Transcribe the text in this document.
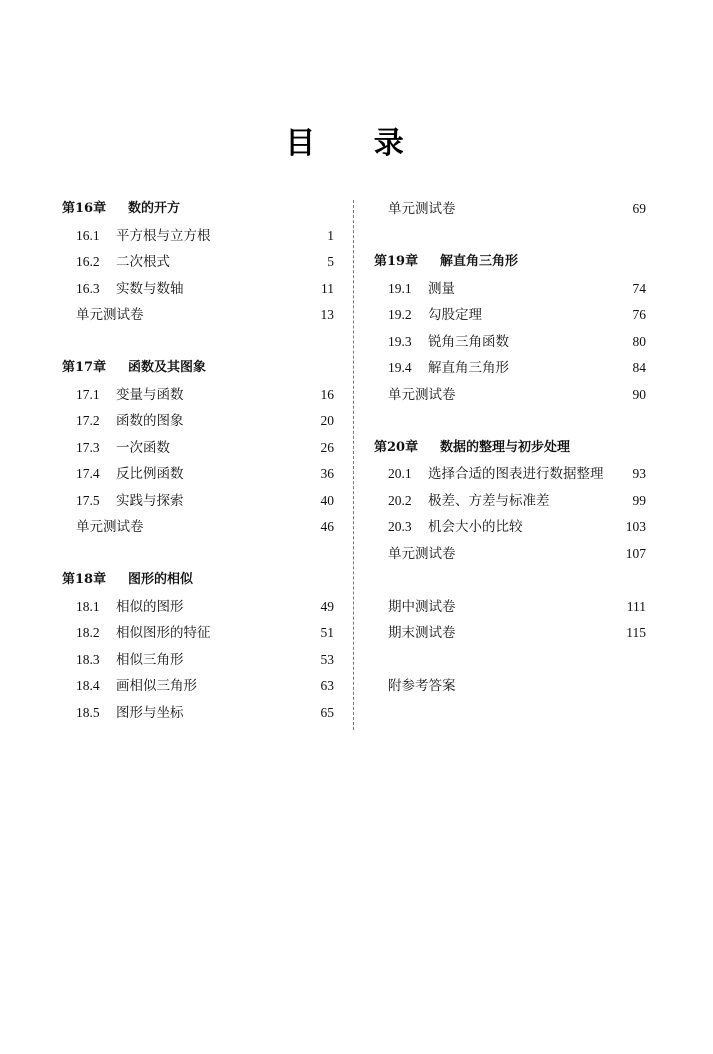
目 录
第16章 数的开方
16.1 平方根与立方根	1
16.2 二次根式	5
16.3 实数与数轴	11
单元测试卷	13
第17章 函数及其图象
17.1 变量与函数	16
17.2 函数的图象	20
17.3 一次函数	26
17.4 反比例函数	36
17.5 实践与探索	40
单元测试卷	46
第18章 图形的相似
18.1 相似的图形	49
18.2 相似图形的特征	51
18.3 相似三角形	53
18.4 画相似三角形	63
18.5 图形与坐标	65
单元测试卷	69
第19章 解直角三角形
19.1 测量	74
19.2 勾股定理	76
19.3 锐角三角函数	80
19.4 解直角三角形	84
单元测试卷	90
第20章 数据的整理与初步处理
20.1 选择合适的图表进行数据整理 93
20.2 极差、方差与标准差	99
20.3 机会大小的比较	103
单元测试卷	107
期中测试卷	111
期末测试卷	115
附参考答案
